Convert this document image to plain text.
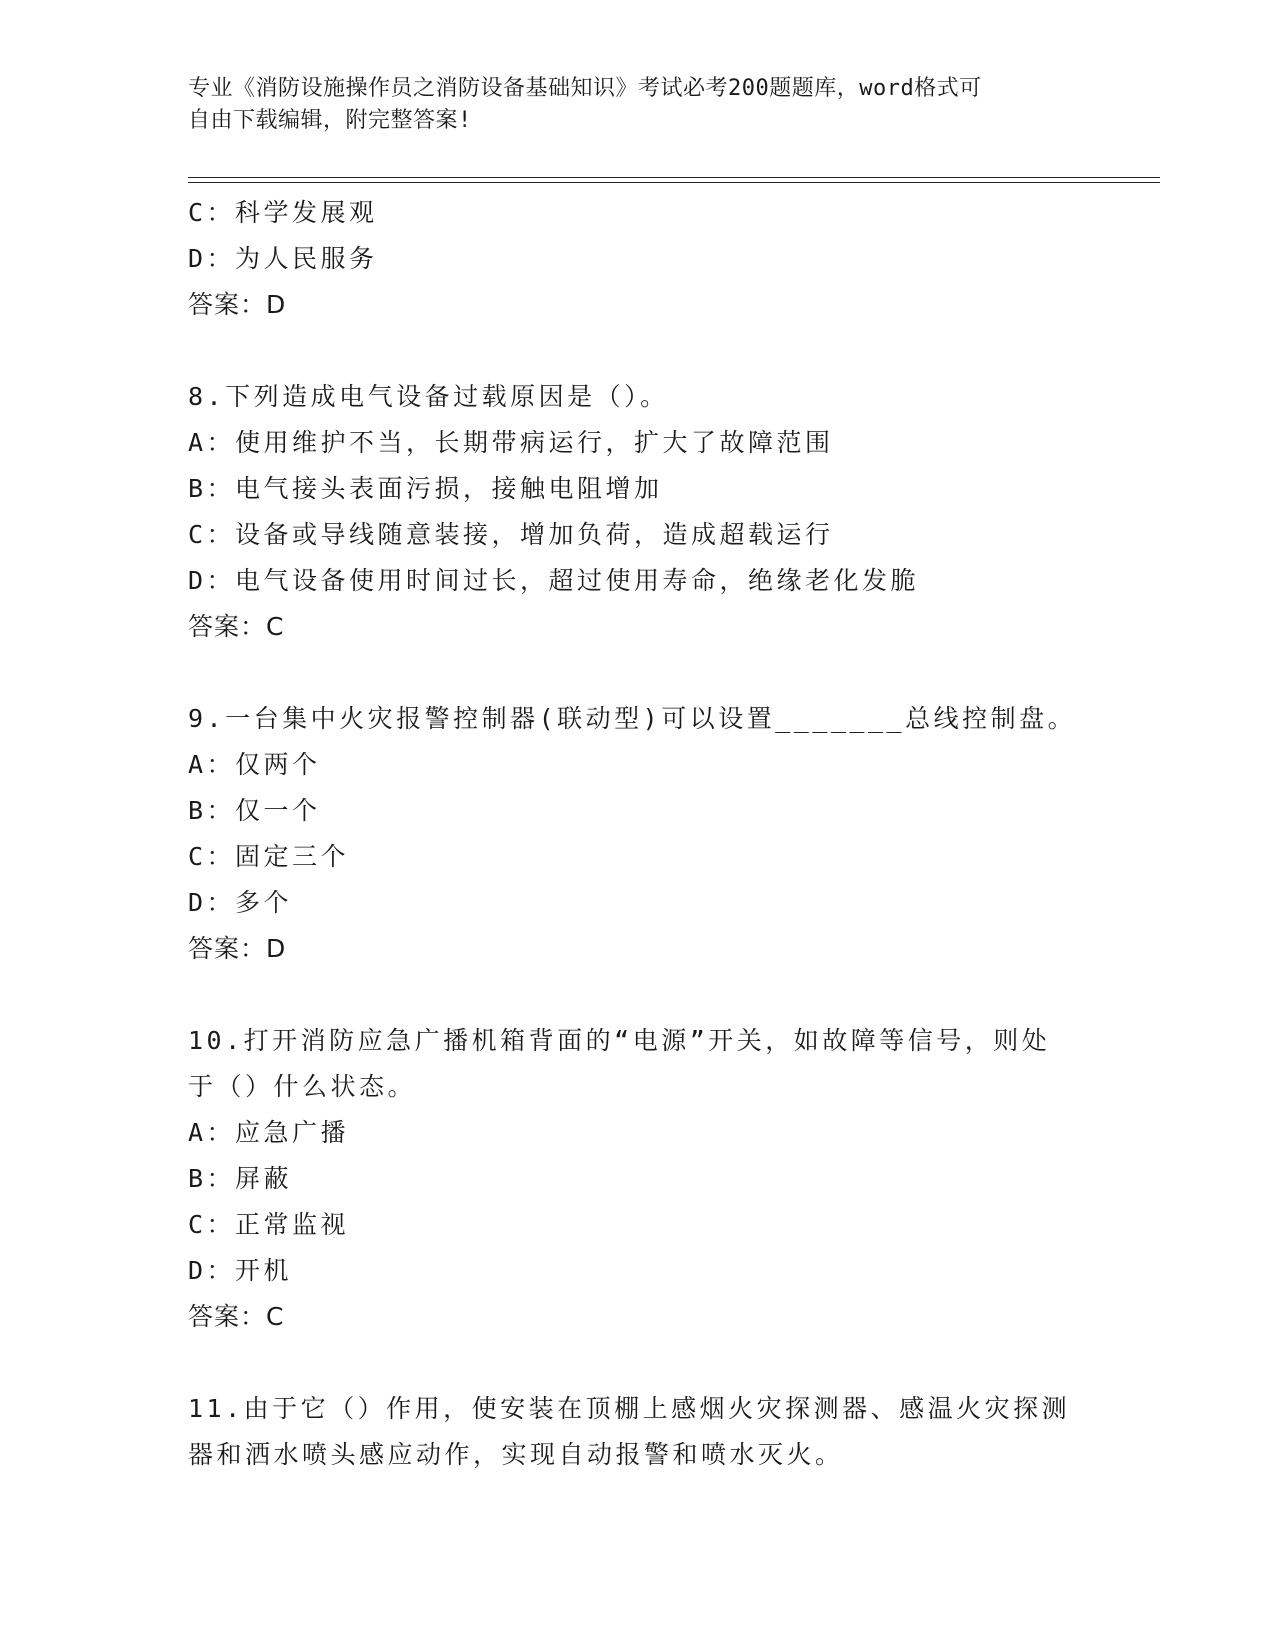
专业《消防设施操作员之消防设备基础知识》考试必考200题题库，word格式可
自由下载编辑，附完整答案!
C：科学发展观
D：为人民服务
答案：D
8.下列造成电气设备过载原因是（）。
A：使用维护不当，长期带病运行，扩大了故障范围
B：电气接头表面污损，接触电阻增加
C：设备或导线随意装接，增加负荷，造成超载运行
D：电气设备使用时间过长，超过使用寿命，绝缘老化发脆
答案：C
9.一台集中火灾报警控制器(联动型)可以设置_______总线控制盘。
A：仅两个
B：仅一个
C：固定三个
D：多个
答案：D
10.打开消防应急广播机箱背面的“电源”开关，如故障等信号，则处
于（）什么状态。
A：应急广播
B：屏蔽
C：正常监视
D：开机
答案：C
11.由于它（）作用，使安装在顶棚上感烟火灾探测器、感温火灾探测
器和洒水喷头感应动作，实现自动报警和喷水灭火。
